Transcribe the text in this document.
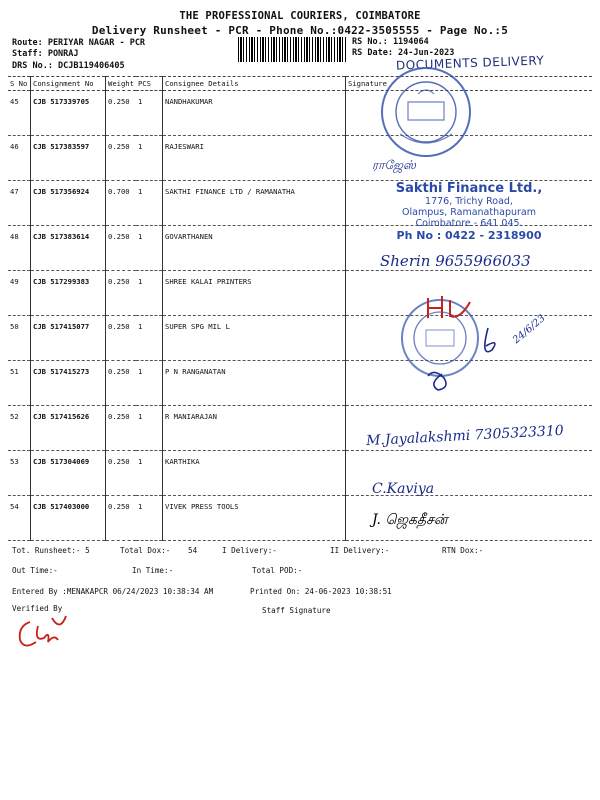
THE PROFESSIONAL COURIERS, COIMBATORE
Delivery Runsheet - PCR - Phone No.:0422-3505555 - Page No.:5
Route: PERIYAR NAGAR - PCR
Staff: PONRAJ
DRS No.: DCJB119406405
RS No.: 1194064
RS Date: 24-Jun-2023
DOCUMENTS DELIVERY
S No	Consignment No	Weight	PCS	Consignee Details	Signature
45	CJB 517339705	0.250	1	NANDHAKUMAR	
46	CJB 517383597	0.250	1	RAJESWARI	
47	CJB 517356924	0.700	1	SAKTHI FINANCE LTD / RAMANATHA	
48	CJB 517383614	0.250	1	GOVARTHANEN	
49	CJB 517299383	0.250	1	SHREE KALAI PRINTERS	
50	CJB 517415077	0.250	1	SUPER SPG MIL L	
51	CJB 517415273	0.250	1	P N RANGANATAN	
52	CJB 517415626	0.250	1	R MANIARAJAN	
53	CJB 517304069	0.250	1	KARTHIKA	
54	CJB 517403000	0.250	1	VIVEK PRESS TOOLS	
Sakthi Finance Ltd.,
1776, Trichy Road,
Olampus, Ramanathapuram
Coimbatore - 641 045.
Ph No : 0422 - 2318900
ராஜேஸ்
Sherin 9655966033
24/6/23
M.Jayalakshmi 7305323310
C.Kaviya
J. ஜெகதீசன்
Tot. Runsheet:- 5	Total Dox:- 54	I Delivery:-	II Delivery:-	RTN Dox:-
Out Time:-	In Time:-	Total POD:-
Entered By :MENAKAPCR 06/24/2023 10:38:34 AM	Printed On: 24-06-2023 10:38:51
Verified By	Staff Signature
